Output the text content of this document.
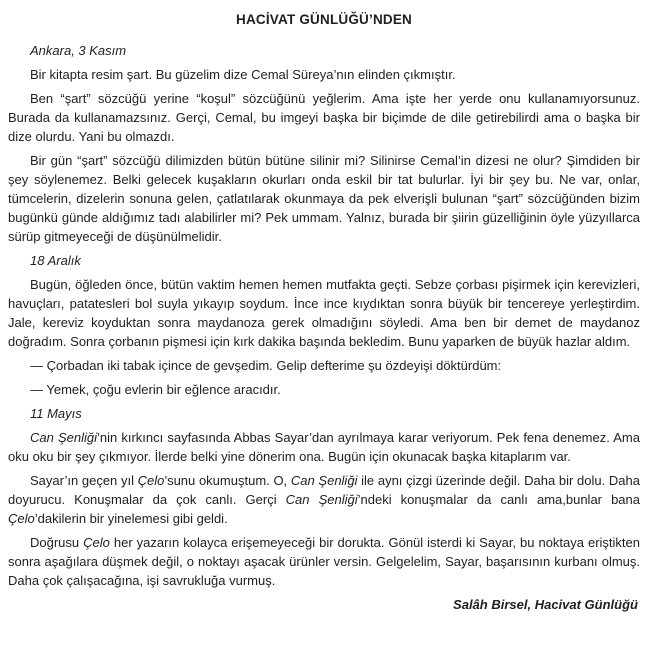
HACİVAT GÜNLÜĞÜ’NDEN

Ankara, 3 Kasım

Bir kitapta resim şart. Bu güzelim dize Cemal Süreya’nın elinden çıkmıştır.

Ben “şart” sözcüğü yerine “koşul” sözcüğünü yeğlerim. Ama işte her yerde onu kullanamıyorsunuz. Burada da kullanamazsınız. Gerçi, Cemal, bu imgeyi başka bir biçimde de dile getirebilirdi ama o başka bir dize olurdu. Yani bu olmazdı.

Bir gün “şart” sözcüğü dilimizden bütün bütüne silinir mi? Silinirse Cemal’in dizesi ne olur? Şimdiden bir şey söylenemez. Belki gelecek kuşakların okurları onda eskil bir tat bulurlar. İyi bir şey bu. Ne var, onlar, tümcelerin, dizelerin sonuna gelen, çatlatılarak okunmaya da pek elverişli bulunan “şart” sözcüğünden bizim bugünkü günde aldığımız tadı alabilirler mi? Pek ummam. Yalnız, burada bir şiirin güzelliğinin öyle yüzyıllarca sürüp gitmeyeceği de düşünülmelidir.

18 Aralık

Bugün, öğleden önce, bütün vaktim hemen hemen mutfakta geçti. Sebze çorbası pişirmek için kerevizleri, havuçları, patatesleri bol suyla yıkayıp soydum. İnce ince kıydıktan sonra büyük bir tencereye yerleştirdim. Jale, kereviz koyduktan sonra maydanoza gerek olmadığını söyledi. Ama ben bir demet de maydanoz doğradım. Sonra çorbanın pişmesi için kırk dakika başında bekledim. Bunu yaparken de büyük hazlar aldım.

— Çorbadan iki tabak içince de gevşedim. Gelip defterime şu özdeyişi döktürdüm:

— Yemek, çoğu evlerin bir eğlence aracıdır.

11 Mayıs

Can Şenliği’nin kırkıncı sayfasında Abbas Sayar’dan ayrılmaya karar veriyorum. Pek fena denemez. Ama oku oku bir şey çıkmıyor. İlerde belki yine dönerim ona. Bugün için okunacak başka kitaplarım var.

Sayar’ın geçen yıl Çelo’sunu okumuştum. O, Can Şenliği ile aynı çizgi üzerinde değil. Daha bir dolu. Daha doyurucu. Konuşmalar da çok canlı. Gerçi Can Şenliği’ndeki konuşmalar da canlı ama,bunlar bana Çelo’dakilerin bir yinelemesi gibi geldi.

Doğrusu Çelo her yazarın kolayca erişemeyeceği bir dorukta. Gönül isterdi ki Sayar, bu noktaya eriştikten sonra aşağılara düşmek değil, o noktayı aşacak ürünler versin. Gelgelelim, Sayar, başarısının kurbanı olmuş. Daha çok çalışacağına, işi savrukluğa vurmuş.

Salâh Birsel, Hacivat Günlüğü
